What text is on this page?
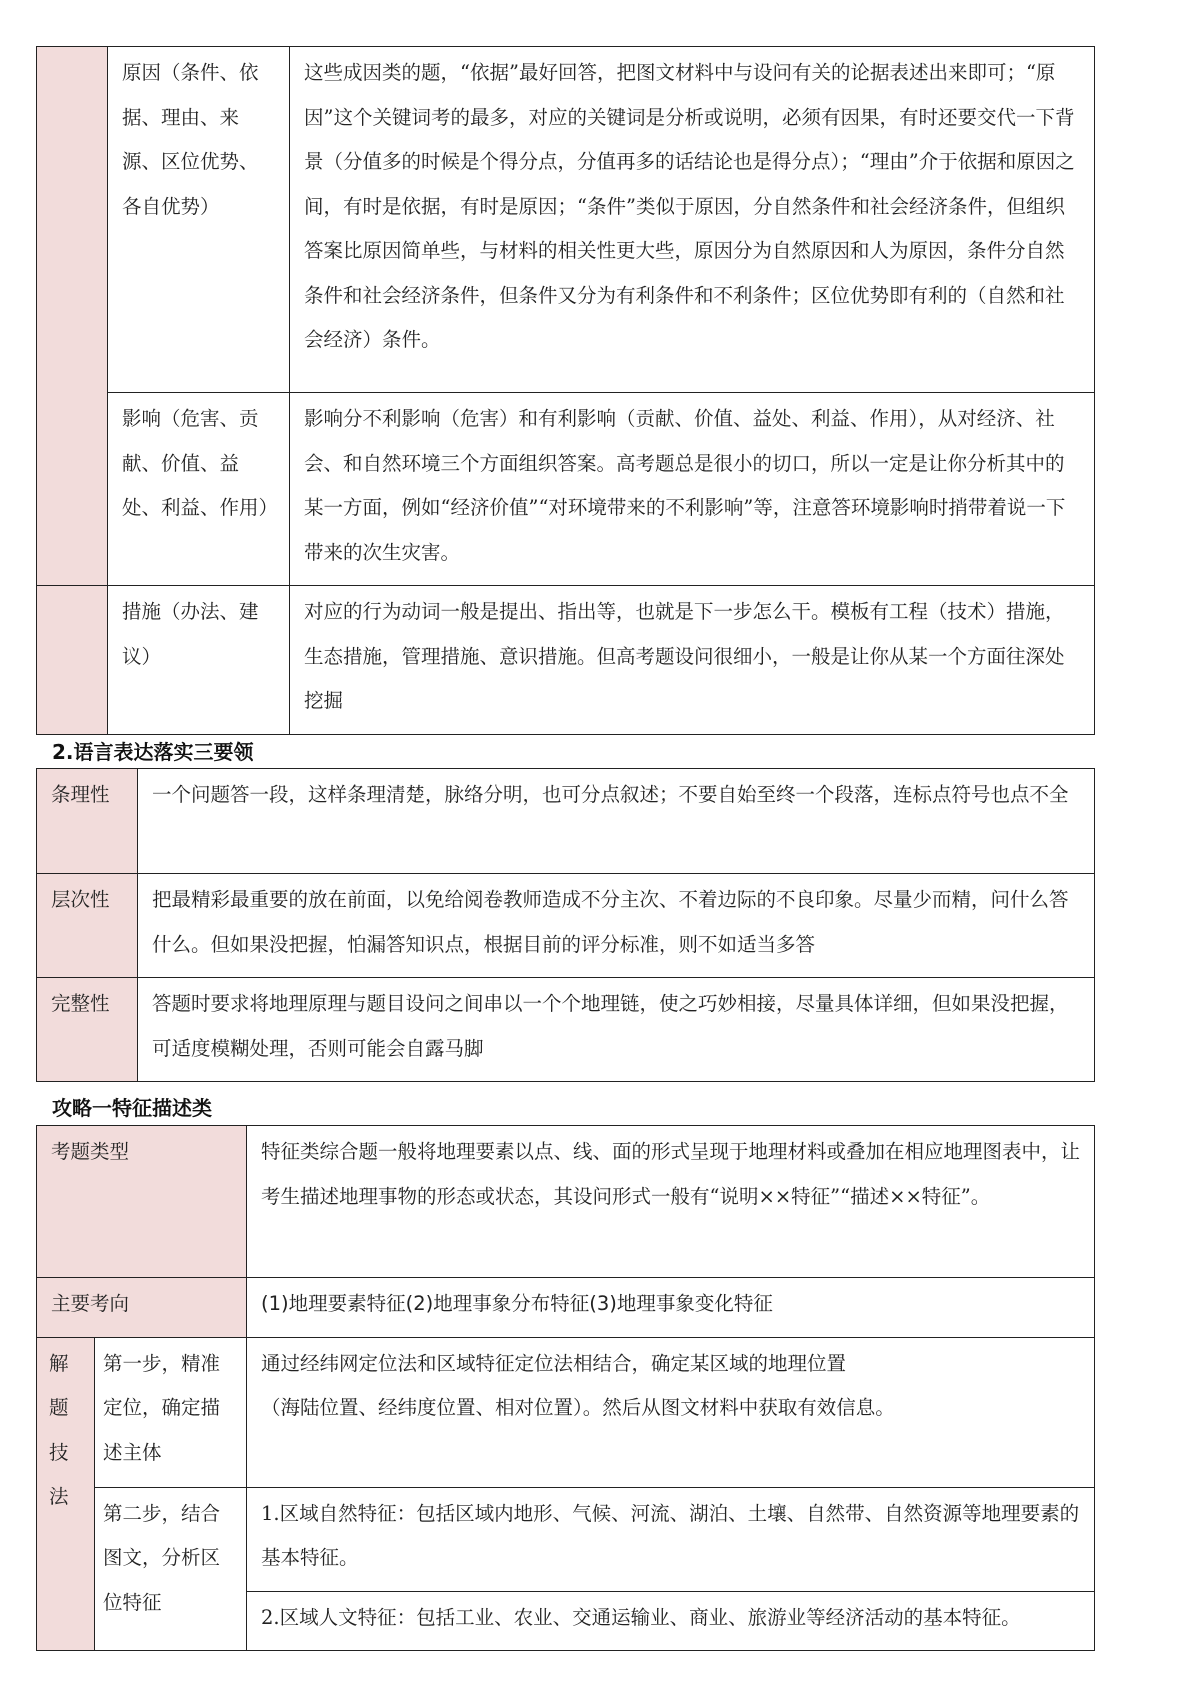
	原因（条件、依据、理由、来源、区位优势、各自优势）	这些成因类的题，“依据”最好回答，把图文材料中与设问有关的论据表述出来即可；“原因”这个关键词考的最多，对应的关键词是分析或说明，必须有因果，有时还要交代一下背景（分值多的时候是个得分点，分值再多的话结论也是得分点）；“理由”介于依据和原因之间，有时是依据，有时是原因；“条件”类似于原因，分自然条件和社会经济条件，但组织答案比原因简单些，与材料的相关性更大些，原因分为自然原因和人为原因，条件分自然条件和社会经济条件，但条件又分为有利条件和不利条件；区位优势即有利的（自然和社会经济）条件。
	影响（危害、贡献、价值、益处、利益、作用）	影响分不利影响（危害）和有利影响（贡献、价值、益处、利益、作用），从对经济、社会、和自然环境三个方面组织答案。高考题总是很小的切口，所以一定是让你分析其中的某一方面，例如“经济价值”“对环境带来的不利影响”等，注意答环境影响时捎带着说一下带来的次生灾害。
	措施（办法、建议）	对应的行为动词一般是提出、指出等，也就是下一步怎么干。模板有工程（技术）措施，生态措施，管理措施、意识措施。但高考题设问很细小，一般是让你从某一个方面往深处挖掘
2.语言表达落实三要领
条理性	一个问题答一段，这样条理清楚，脉络分明，也可分点叙述；不要自始至终一个段落，连标点符号也点不全
层次性	把最精彩最重要的放在前面，以免给阅卷教师造成不分主次、不着边际的不良印象。尽量少而精，问什么答什么。但如果没把握，怕漏答知识点，根据目前的评分标准，则不如适当多答
完整性	答题时要求将地理原理与题目设问之间串以一个个地理链，使之巧妙相接，尽量具体详细，但如果没把握，可适度模糊处理，否则可能会自露马脚
攻略一特征描述类
考题类型		特征类综合题一般将地理要素以点、线、面的形式呈现于地理材料或叠加在相应地理图表中，让考生描述地理事物的形态或状态，其设问形式一般有“说明××特征”“描述××特征”。
主要考向		(1)地理要素特征(2)地理事象分布特征(3)地理事象变化特征
解题技法	第一步，精准定位，确定描述主体	通过经纬网定位法和区域特征定位法相结合，确定某区域的地理位置
（海陆位置、经纬度位置、相对位置）。然后从图文材料中获取有效信息。

	第二步，结合图文，分析区位特征	1.区域自然特征：包括区域内地形、气候、河流、湖泊、土壤、自然带、自然资源等地理要素的基本特征。
		2.区域人文特征：包括工业、农业、交通运输业、商业、旅游业等经济活动的基本特征。
